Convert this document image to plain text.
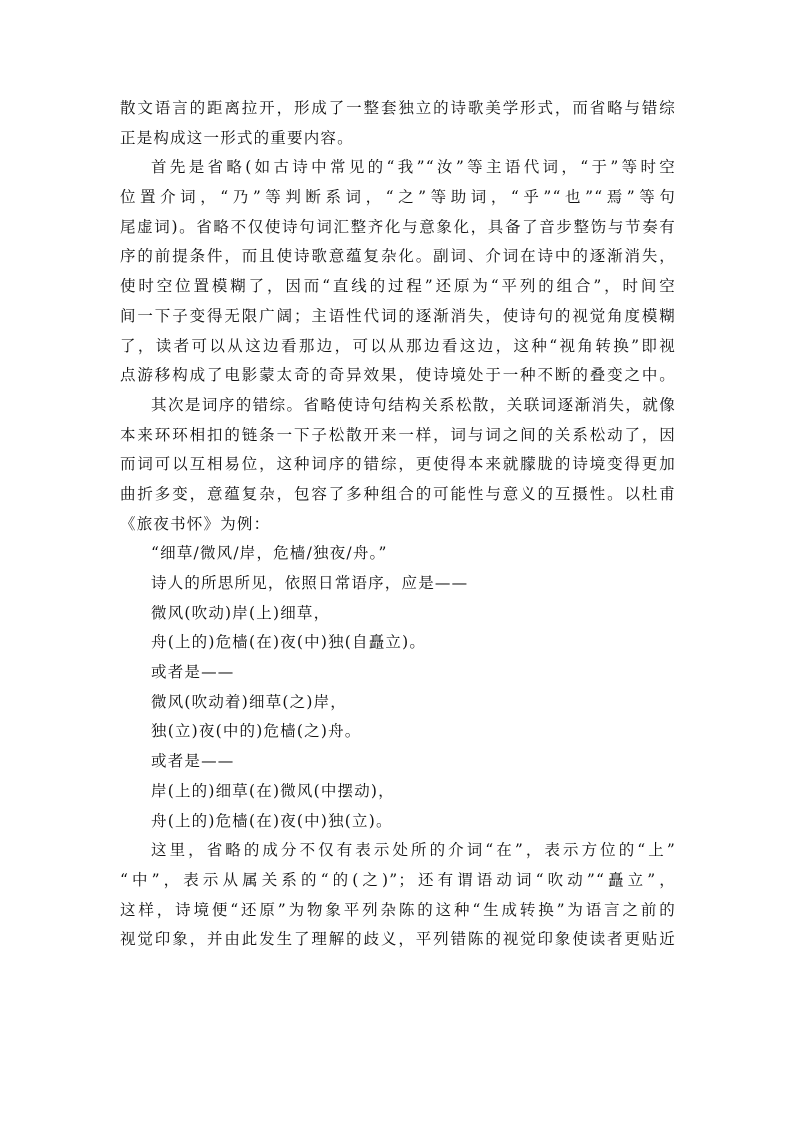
散文语言的距离拉开，形成了一整套独立的诗歌美学形式，而省略与错综
正是构成这一形式的重要内容。
首先是省略(如古诗中常见的“我”“汝”等主语代词，“于”等时空
位置介词，“乃”等判断系词，“之”等助词，“乎”“也”“焉”等句
尾虚词)。省略不仅使诗句词汇整齐化与意象化，具备了音步整饬与节奏有
序的前提条件，而且使诗歌意蕴复杂化。副词、介词在诗中的逐渐消失，
使时空位置模糊了，因而“直线的过程”还原为“平列的组合”，时间空
间一下子变得无限广阔；主语性代词的逐渐消失，使诗句的视觉角度模糊
了，读者可以从这边看那边，可以从那边看这边，这种“视角转换”即视
点游移构成了电影蒙太奇的奇异效果，使诗境处于一种不断的叠变之中。
其次是词序的错综。省略使诗句结构关系松散，关联词逐渐消失，就像
本来环环相扣的链条一下子松散开来一样，词与词之间的关系松动了，因
而词可以互相易位，这种词序的错综，更使得本来就朦胧的诗境变得更加
曲折多变，意蕴复杂，包容了多种组合的可能性与意义的互摄性。以杜甫
《旅夜书怀》为例：
“细草/微风/岸，危樯/独夜/舟。”
诗人的所思所见，依照日常语序，应是——
微风(吹动)岸(上)细草，
舟(上的)危樯(在)夜(中)独(自矗立)。
或者是——
微风(吹动着)细草(之)岸，
独(立)夜(中的)危樯(之)舟。
或者是——
岸(上的)细草(在)微风(中摆动)，
舟(上的)危樯(在)夜(中)独(立)。
这里，省略的成分不仅有表示处所的介词“在”，表示方位的“上”
“中”，表示从属关系的“的(之)”；还有谓语动词“吹动”“矗立”，
这样，诗境便“还原”为物象平列杂陈的这种“生成转换”为语言之前的
视觉印象，并由此发生了理解的歧义，平列错陈的视觉印象使读者更贴近
